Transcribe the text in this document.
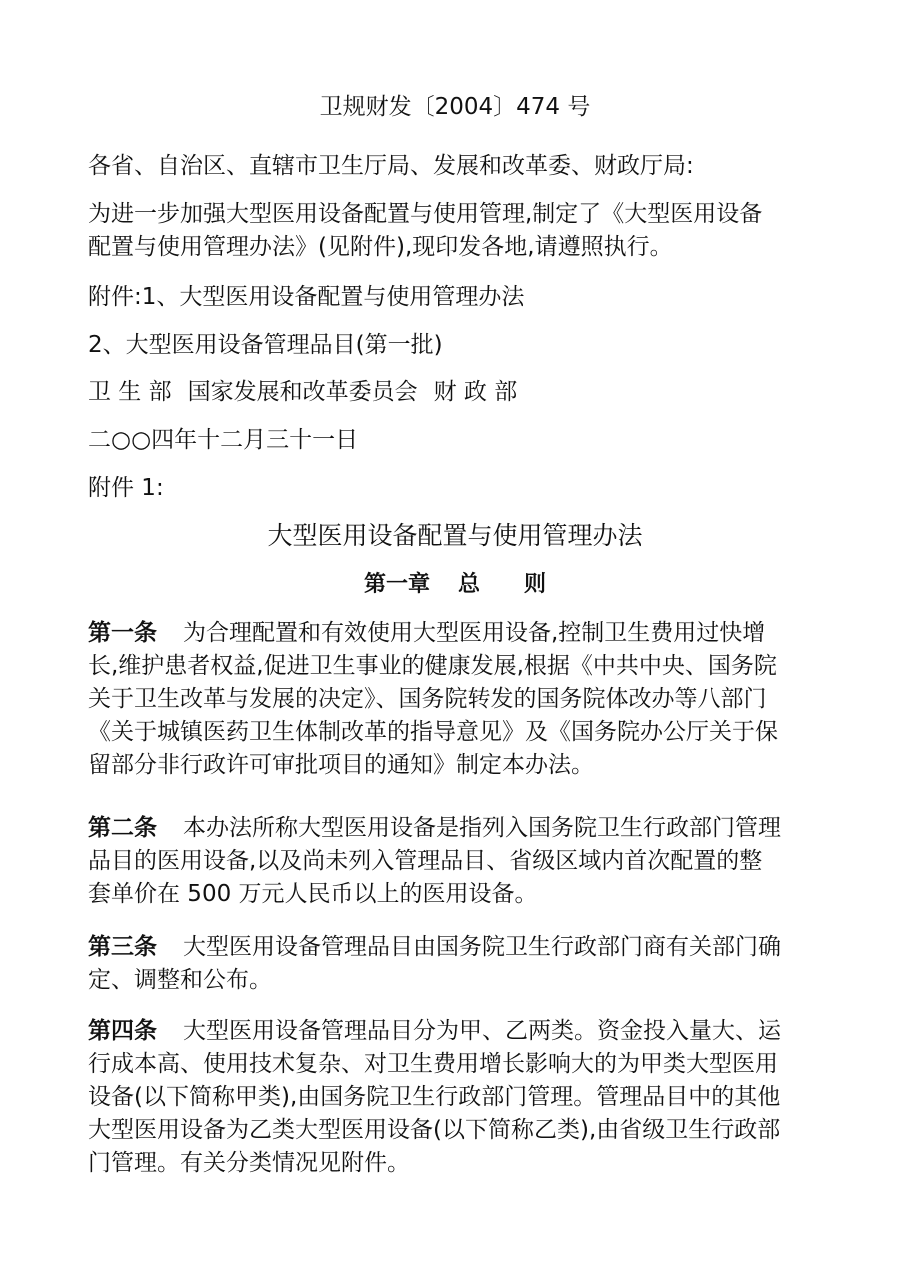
卫规财发〔2004〕474 号
各省、自治区、直辖市卫生厅局、发展和改革委、财政厅局:
为进一步加强大型医用设备配置与使用管理,制定了《大型医用设备
配置与使用管理办法》(见附件),现印发各地,请遵照执行。
附件:1、大型医用设备配置与使用管理办法
2、大型医用设备管理品目(第一批)
卫 生 部 国家发展和改革委员会 财 政 部
二○○四年十二月三十一日
附件 1:
大型医用设备配置与使用管理办法
第一章 总 则
第一条 为合理配置和有效使用大型医用设备,控制卫生费用过快增
长,维护患者权益,促进卫生事业的健康发展,根据《中共中央、国务院
关于卫生改革与发展的决定》、国务院转发的国务院体改办等八部门
《关于城镇医药卫生体制改革的指导意见》及《国务院办公厅关于保
留部分非行政许可审批项目的通知》制定本办法。
第二条 本办法所称大型医用设备是指列入国务院卫生行政部门管理
品目的医用设备,以及尚未列入管理品目、省级区域内首次配置的整
套单价在 500 万元人民币以上的医用设备。
第三条 大型医用设备管理品目由国务院卫生行政部门商有关部门确
定、调整和公布。
第四条 大型医用设备管理品目分为甲、乙两类。资金投入量大、运
行成本高、使用技术复杂、对卫生费用增长影响大的为甲类大型医用
设备(以下简称甲类),由国务院卫生行政部门管理。管理品目中的其他
大型医用设备为乙类大型医用设备(以下简称乙类),由省级卫生行政部
门管理。有关分类情况见附件。
